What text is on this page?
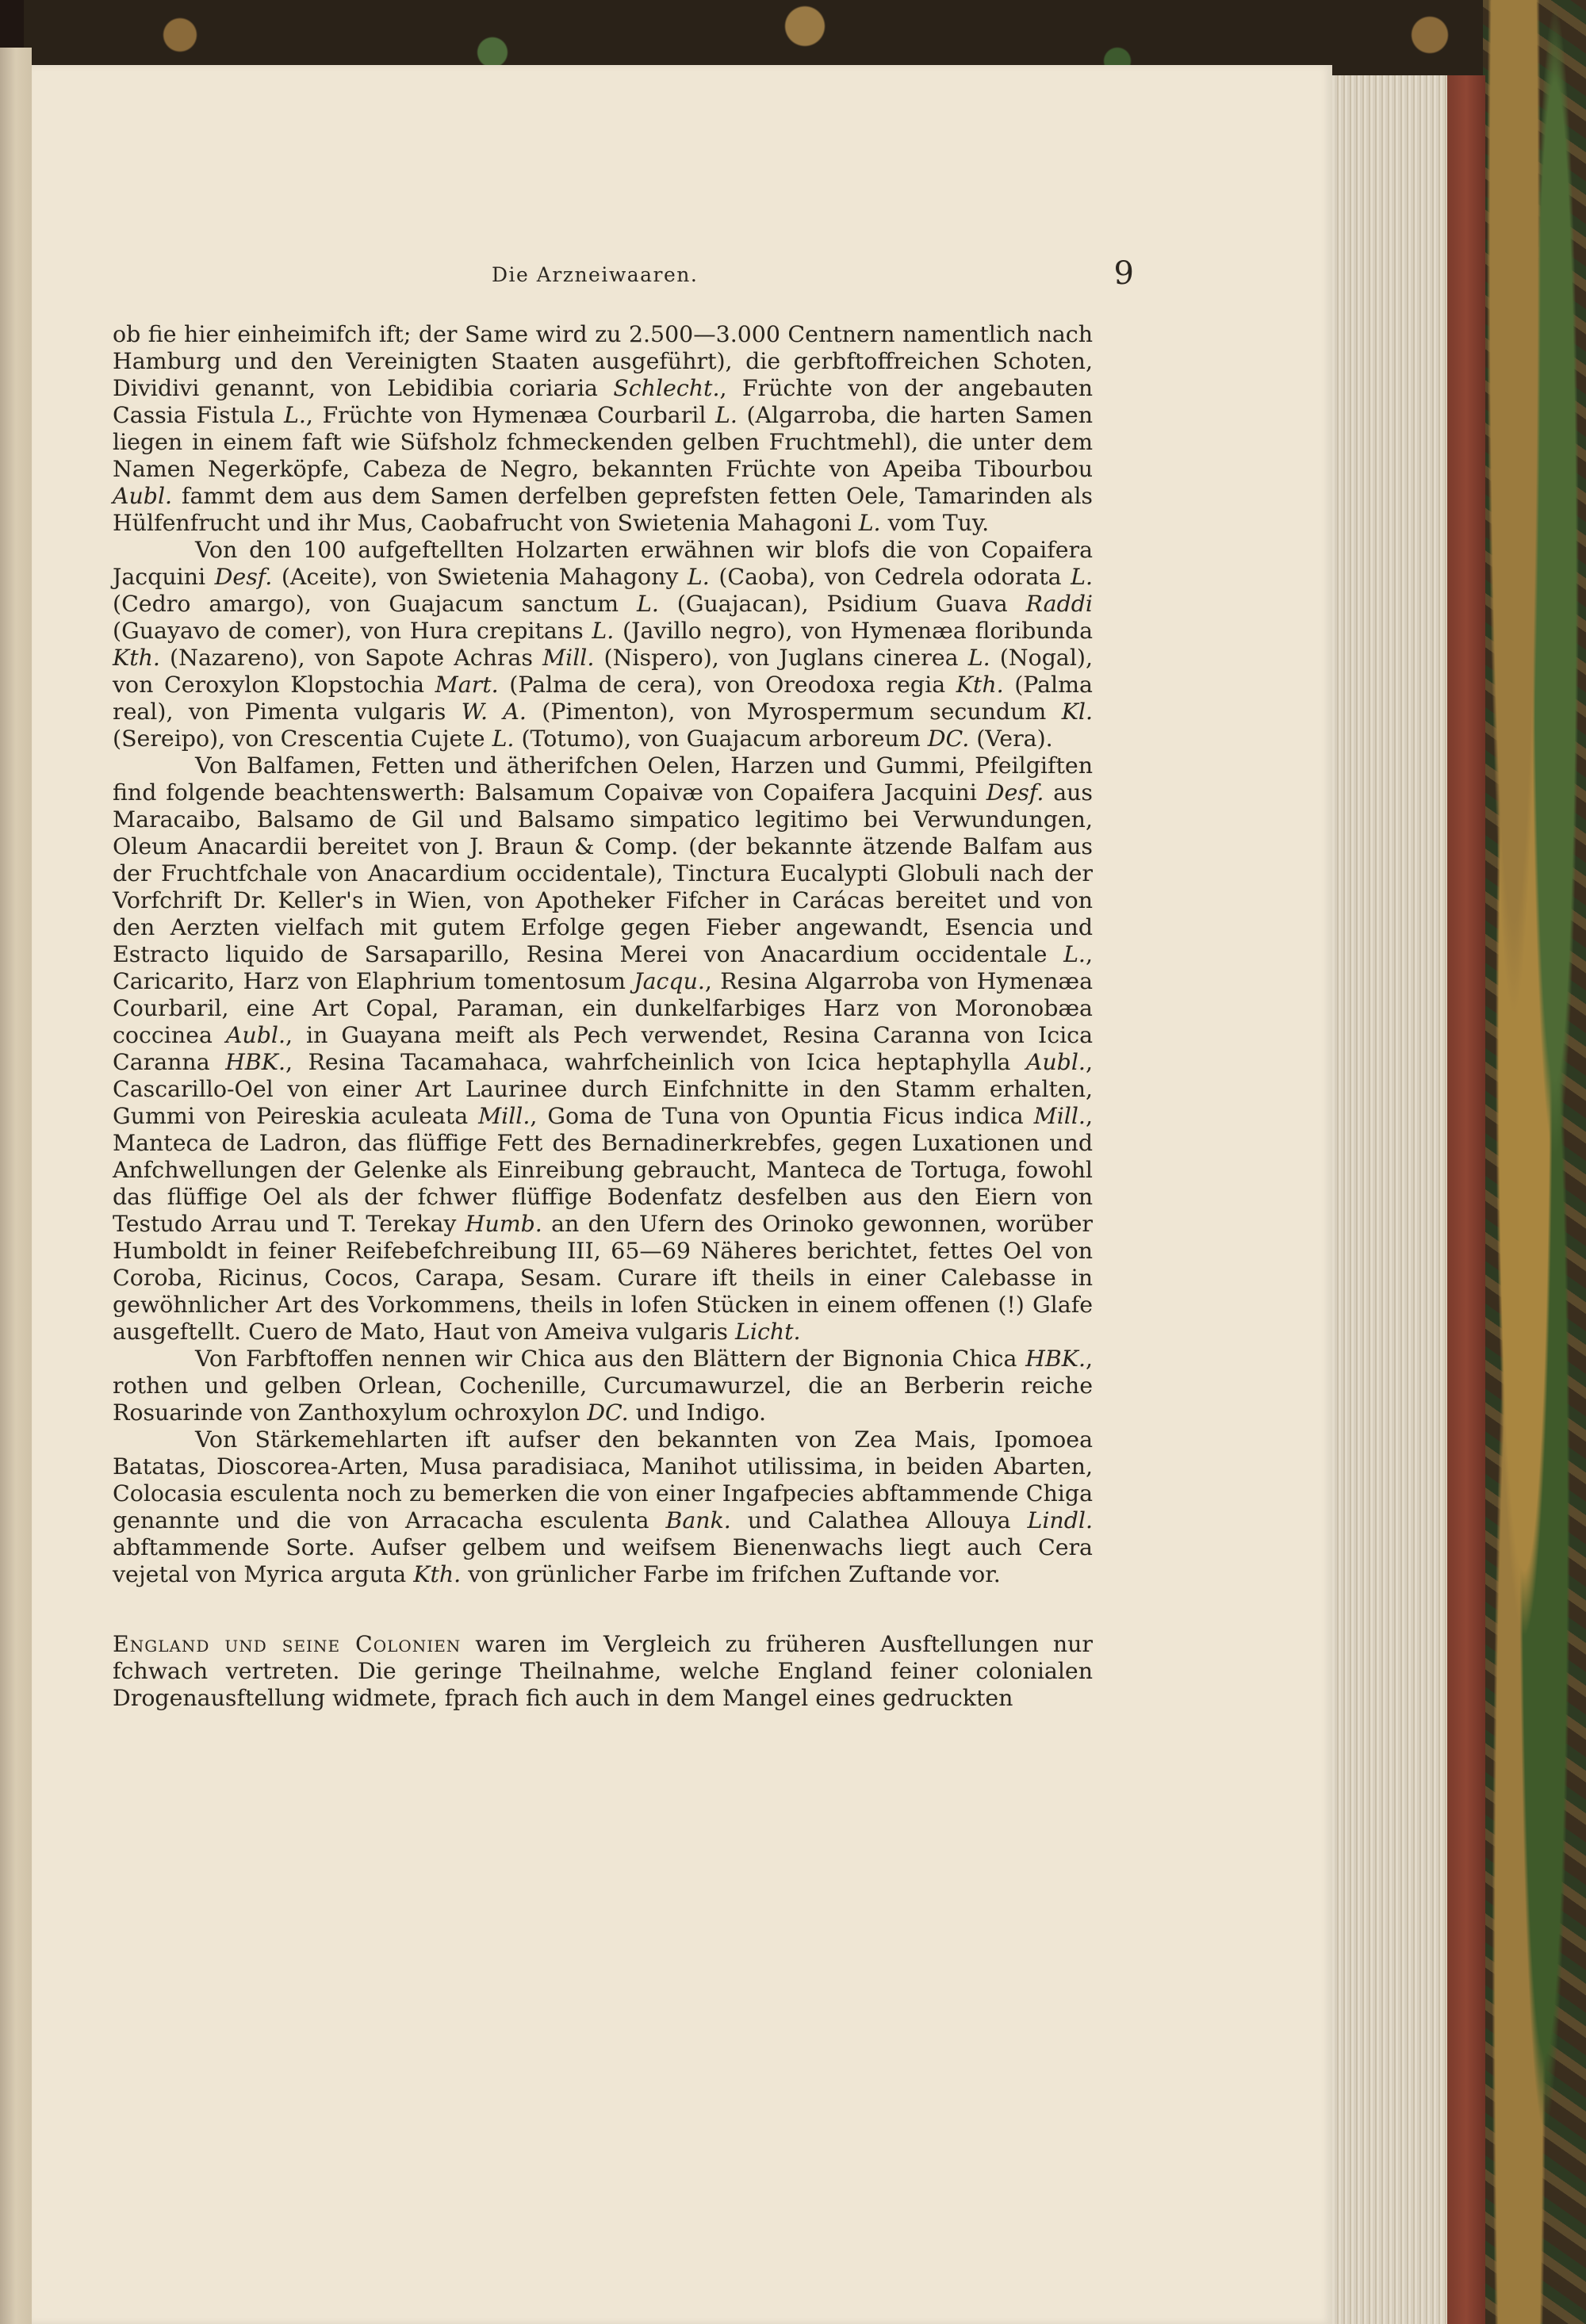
Die Arzneiwaaren.	9

ob fie hier einheimifch ift; der Same wird zu 2.500—3.000 Centnern namentlich nach Hamburg und den Vereinigten Staaten ausgeführt), die gerbftoffreichen Schoten, Dividivi genannt, von Lebidibia coriaria Schlecht., Früchte von der angebauten Cassia Fistula L., Früchte von Hymenæa Courbaril L. (Algarroba, die harten Samen liegen in einem faft wie Süfsholz fchmeckenden gelben Fruchtmehl), die unter dem Namen Negerköpfe, Cabeza de Negro, bekannten Früchte von Apeiba Tibourbou Aubl. fammt dem aus dem Samen derfelben geprefsten fetten Oele, Tamarinden als Hülfenfrucht und ihr Mus, Caobafrucht von Swietenia Mahagoni L. vom Tuy.

Von den 100 aufgeftellten Holzarten erwähnen wir blofs die von Copaifera Jacquini Desf. (Aceite), von Swietenia Mahagony L. (Caoba), von Cedrela odorata L. (Cedro amargo), von Guajacum sanctum L. (Guajacan), Psidium Guava Raddi (Guayavo de comer), von Hura crepitans L. (Javillo negro), von Hymenæa floribunda Kth. (Nazareno), von Sapote Achras Mill. (Nispero), von Juglans cinerea L. (Nogal), von Ceroxylon Klopstochia Mart. (Palma de cera), von Oreodoxa regia Kth. (Palma real), von Pimenta vulgaris W. A. (Pimenton), von Myrospermum secundum Kl. (Sereipo), von Crescentia Cujete L. (Totumo), von Guajacum arboreum DC. (Vera).

Von Balfamen, Fetten und ätherifchen Oelen, Harzen und Gummi, Pfeilgiften find folgende beachtenswerth: Balsamum Copaivæ von Copaifera Jacquini Desf. aus Maracaibo, Balsamo de Gil und Balsamo simpatico legitimo bei Verwundungen, Oleum Anacardii bereitet von J. Braun & Comp. (der bekannte ätzende Balfam aus der Fruchtfchale von Anacardium occidentale), Tinctura Eucalypti Globuli nach der Vorfchrift Dr. Keller's in Wien, von Apotheker Fifcher in Carácas bereitet und von den Aerzten vielfach mit gutem Erfolge gegen Fieber angewandt, Esencia und Estracto liquido de Sarsaparillo, Resina Merei von Anacardium occidentale L., Caricarito, Harz von Elaphrium tomentosum Jacqu., Resina Algarroba von Hymenæa Courbaril, eine Art Copal, Paraman, ein dunkelfarbiges Harz von Moronobæa coccinea Aubl., in Guayana meift als Pech verwendet, Resina Caranna von Icica Caranna HBK., Resina Tacamahaca, wahrfcheinlich von Icica heptaphylla Aubl., Cascarillo-Oel von einer Art Laurinee durch Einfchnitte in den Stamm erhalten, Gummi von Peireskia aculeata Mill., Goma de Tuna von Opuntia Ficus indica Mill., Manteca de Ladron, das flüffige Fett des Bernadinerkrebfes, gegen Luxationen und Anfchwellungen der Gelenke als Einreibung gebraucht, Manteca de Tortuga, fowohl das flüffige Oel als der fchwer flüffige Bodenfatz desfelben aus den Eiern von Testudo Arrau und T. Terekay Humb. an den Ufern des Orinoko gewonnen, worüber Humboldt in feiner Reifebefchreibung III, 65—69 Näheres berichtet, fettes Oel von Coroba, Ricinus, Cocos, Carapa, Sesam. Curare ift theils in einer Calebasse in gewöhnlicher Art des Vorkommens, theils in lofen Stücken in einem offenen (!) Glafe ausgeftellt. Cuero de Mato, Haut von Ameiva vulgaris Licht.

Von Farbftoffen nennen wir Chica aus den Blättern der Bignonia Chica HBK., rothen und gelben Orlean, Cochenille, Curcumawurzel, die an Berberin reiche Rosuarinde von Zanthoxylum ochroxylon DC. und Indigo.

Von Stärkemehlarten ift aufser den bekannten von Zea Mais, Ipomoea Batatas, Dioscorea-Arten, Musa paradisiaca, Manihot utilissima, in beiden Abarten, Colocasia esculenta noch zu bemerken die von einer Ingafpecies abftammende Chiga genannte und die von Arracacha esculenta Bank. und Calathea Allouya Lindl. abftammende Sorte. Aufser gelbem und weifsem Bienenwachs liegt auch Cera vejetal von Myrica arguta Kth. von grünlicher Farbe im frifchen Zuftande vor.

England und seine Colonien waren im Vergleich zu früheren Ausftellungen nur fchwach vertreten. Die geringe Theilnahme, welche England feiner colonialen Drogenausftellung widmete, fprach fich auch in dem Mangel eines gedruckten
